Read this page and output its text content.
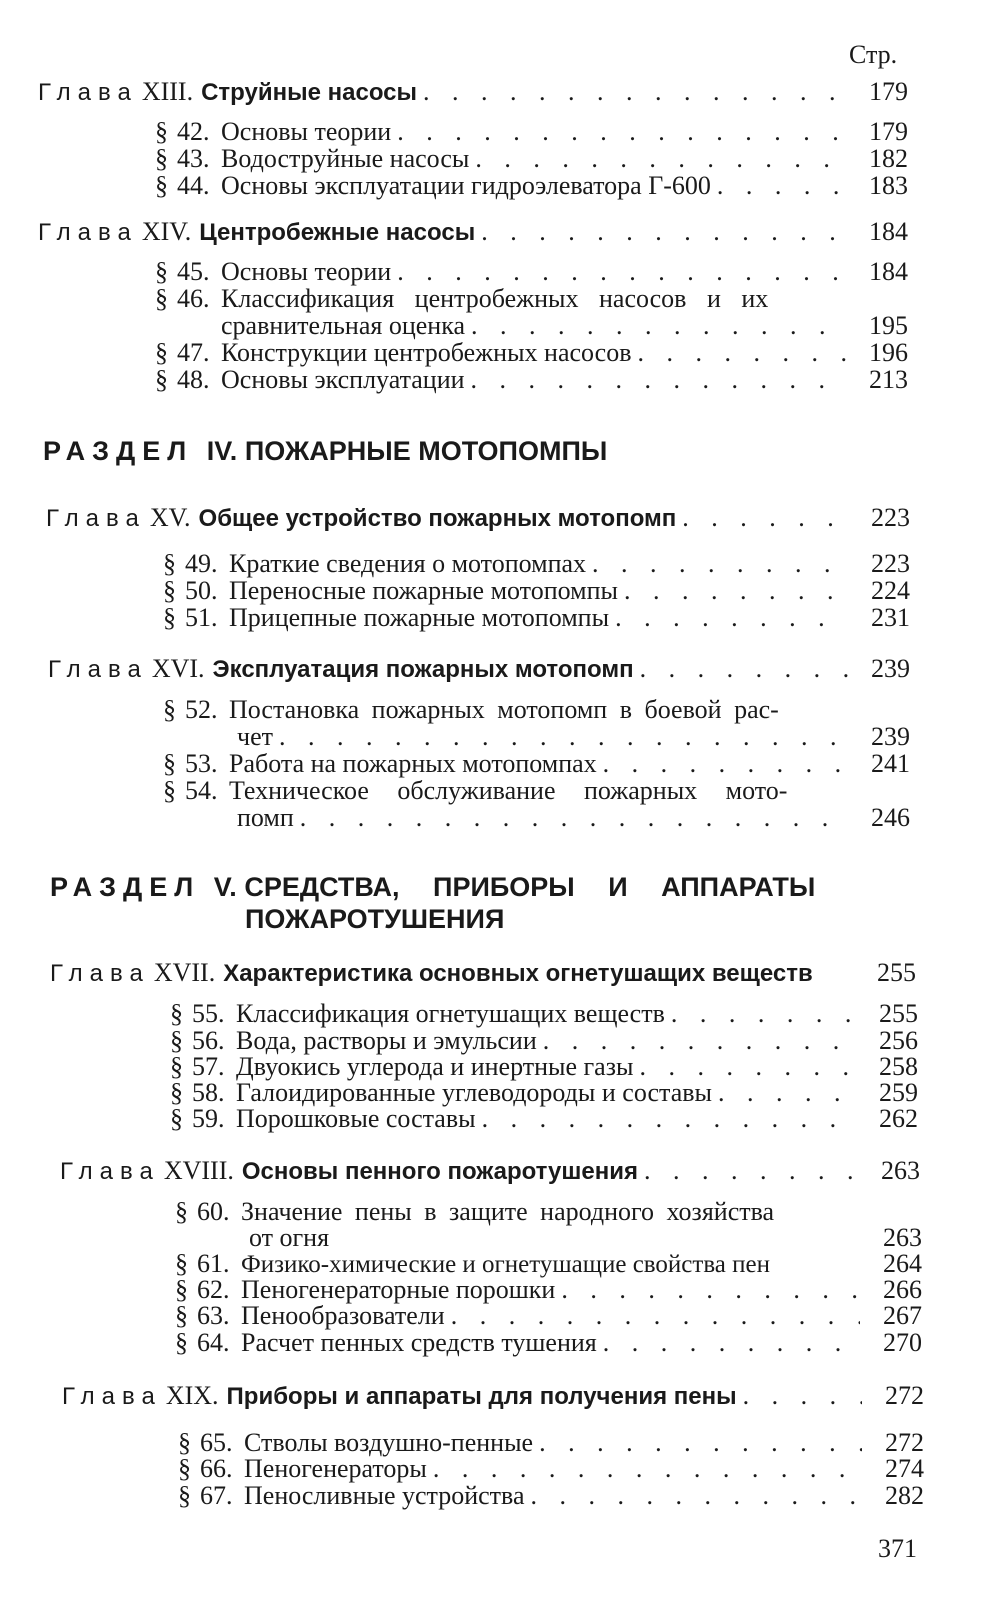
Стр.
Глава XIII. Струйные насосы . . .	179
§ 42. Основы теории . . .	179
§ 43. Водоструйные насосы . . .	182
§ 44. Основы эксплуатации гидроэлеватора Г-600 . . .	183
Глава XIV. Центробежные насосы . . .	184
§ 45. Основы теории . . .	184
§ 46. Классификация центробежных насосов и их
сравнительная оценка . . .	195
§ 47. Конструкции центробежных насосов . . .	196
§ 48. Основы эксплуатации . . .	213
РАЗДЕЛ IV. ПОЖАРНЫЕ МОТОПОМПЫ
Глава XV. Общее устройство пожарных мотопомп . . .	223
§ 49. Краткие сведения о мотопомпах . . .	223
§ 50. Переносные пожарные мотопомпы . . .	224
§ 51. Прицепные пожарные мотопомпы . . .	231
Глава XVI. Эксплуатация пожарных мотопомп . . .	239
§ 52. Постановка пожарных мотопомп в боевой рас-
чет . . .	239
§ 53. Работа на пожарных мотопомпах . . .	241
§ 54. Техническое обслуживание пожарных мото-
помп . . .	246
РАЗДЕЛ V. СРЕДСТВА, ПРИБОРЫ И АППАРАТЫ
ПОЖАРОТУШЕНИЯ
Глава XVII. Характеристика основных огнетушащих веществ	255
§ 55. Классификация огнетушащих веществ . . .	255
§ 56. Вода, растворы и эмульсии . . .	256
§ 57. Двуокись углерода и инертные газы . . .	258
§ 58. Галоидированные углеводороды и составы . . .	259
§ 59. Порошковые составы . . .	262
Глава XVIII. Основы пенного пожаротушения . . .	263
§ 60. Значение пены в защите народного хозяйства
от огня	263
§ 61. Физико-химические и огнетушащие свойства пен	264
§ 62. Пеногенераторные порошки . . .	266
§ 63. Пенообразователи . . .	267
§ 64. Расчет пенных средств тушения . . .	270
Глава XIX. Приборы и аппараты для получения пены . . .	272
§ 65. Стволы воздушно-пенные . . .	272
§ 66. Пеногенераторы . . .	274
§ 67. Пеносливные устройства . . .	282
371
